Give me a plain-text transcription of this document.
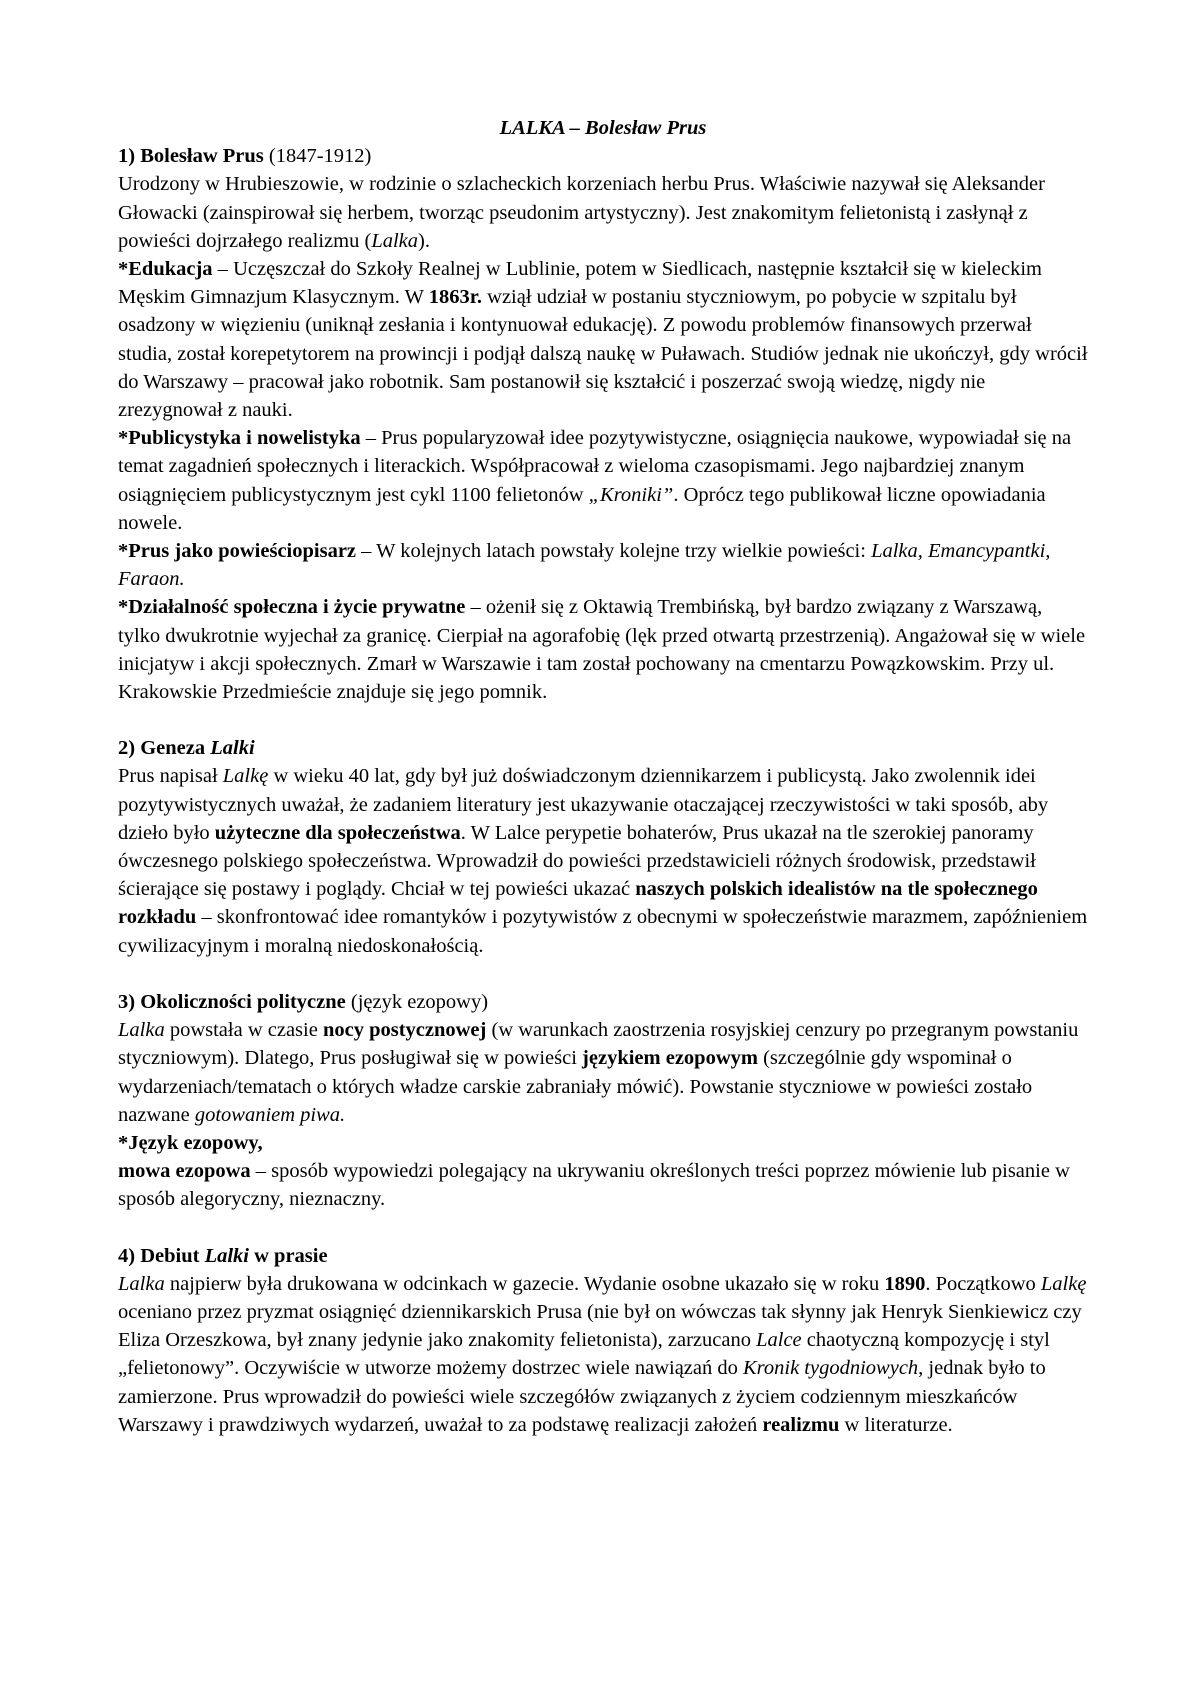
LALKA – Bolesław Prus

1) Bolesław Prus (1847-1912)

Urodzony w Hrubieszowie, w rodzinie o szlacheckich korzeniach herbu Prus. Właściwie nazywał się Aleksander Głowacki (zainspirował się herbem, tworząc pseudonim artystyczny). Jest znakomitym felietonistą i zasłynął z powieści dojrzałego realizmu (Lalka).

*Edukacja – Uczęszczał do Szkoły Realnej w Lublinie, potem w Siedlicach, następnie kształcił się w kieleckim Męskim Gimnazjum Klasycznym. W 1863r. wziął udział w postaniu styczniowym, po pobycie w szpitalu był osadzony w więzieniu (uniknął zesłania i kontynuował edukację). Z powodu problemów finansowych przerwał studia, został korepetytorem na prowincji i podjął dalszą naukę w Puławach. Studiów jednak nie ukończył, gdy wrócił do Warszawy – pracował jako robotnik. Sam postanowił się kształcić i poszerzać swoją wiedzę, nigdy nie zrezygnował z nauki.

*Publicystyka i nowelistyka – Prus popularyzował idee pozytywistyczne, osiągnięcia naukowe, wypowiadał się na temat zagadnień społecznych i literackich. Współpracował z wieloma czasopismami. Jego najbardziej znanym osiągnięciem publicystycznym jest cykl 1100 felietonów „Kroniki”. Oprócz tego publikował liczne opowiadania nowele.

*Prus jako powieściopisarz – W kolejnych latach powstały kolejne trzy wielkie powieści: Lalka, Emancypantki, Faraon.

*Działalność społeczna i życie prywatne – ożenił się z Oktawią Trembińską, był bardzo związany z Warszawą, tylko dwukrotnie wyjechał za granicę. Cierpiał na agorafobię (lęk przed otwartą przestrzenią). Angażował się w wiele inicjatyw i akcji społecznych. Zmarł w Warszawie i tam został pochowany na cmentarzu Powązkowskim. Przy ul. Krakowskie Przedmieście znajduje się jego pomnik.

2) Geneza Lalki

Prus napisał Lalkę w wieku 40 lat, gdy był już doświadczonym dziennikarzem i publicystą. Jako zwolennik idei pozytywistycznych uważał, że zadaniem literatury jest ukazywanie otaczającej rzeczywistości w taki sposób, aby dzieło było użyteczne dla społeczeństwa. W Lalce perypetie bohaterów, Prus ukazał na tle szerokiej panoramy ówczesnego polskiego społeczeństwa. Wprowadził do powieści przedstawicieli różnych środowisk, przedstawił ścierające się postawy i poglądy. Chciał w tej powieści ukazać naszych polskich idealistów na tle społecznego rozkładu – skonfrontować idee romantyków i pozytywistów z obecnymi w społeczeństwie marazmem, zapóźnieniem cywilizacyjnym i moralną niedoskonałością.

3) Okoliczności polityczne (język ezopowy)

Lalka powstała w czasie nocy postycznowej (w warunkach zaostrzenia rosyjskiej cenzury po przegranym powstaniu styczniowym). Dlatego, Prus posługiwał się w powieści językiem ezopowym (szczególnie gdy wspominał o wydarzeniach/tematach o których władze carskie zabraniały mówić). Powstanie styczniowe w powieści zostało nazwane gotowaniem piwa.

*Język ezopowy,

mowa ezopowa – sposób wypowiedzi polegający na ukrywaniu określonych treści poprzez mówienie lub pisanie w sposób alegoryczny, nieznaczny.

4) Debiut Lalki w prasie

Lalka najpierw była drukowana w odcinkach w gazecie. Wydanie osobne ukazało się w roku 1890. Początkowo Lalkę oceniano przez pryzmat osiągnięć dziennikarskich Prusa (nie był on wówczas tak słynny jak Henryk Sienkiewicz czy Eliza Orzeszkowa, był znany jedynie jako znakomity felietonista), zarzucano Lalce chaotyczną kompozycję i styl „felietonowy”. Oczywiście w utworze możemy dostrzec wiele nawiązań do Kronik tygodniowych, jednak było to zamierzone. Prus wprowadził do powieści wiele szczegółów związanych z życiem codziennym mieszkańców Warszawy i prawdziwych wydarzeń, uważał to za podstawę realizacji założeń realizmu w literaturze.
